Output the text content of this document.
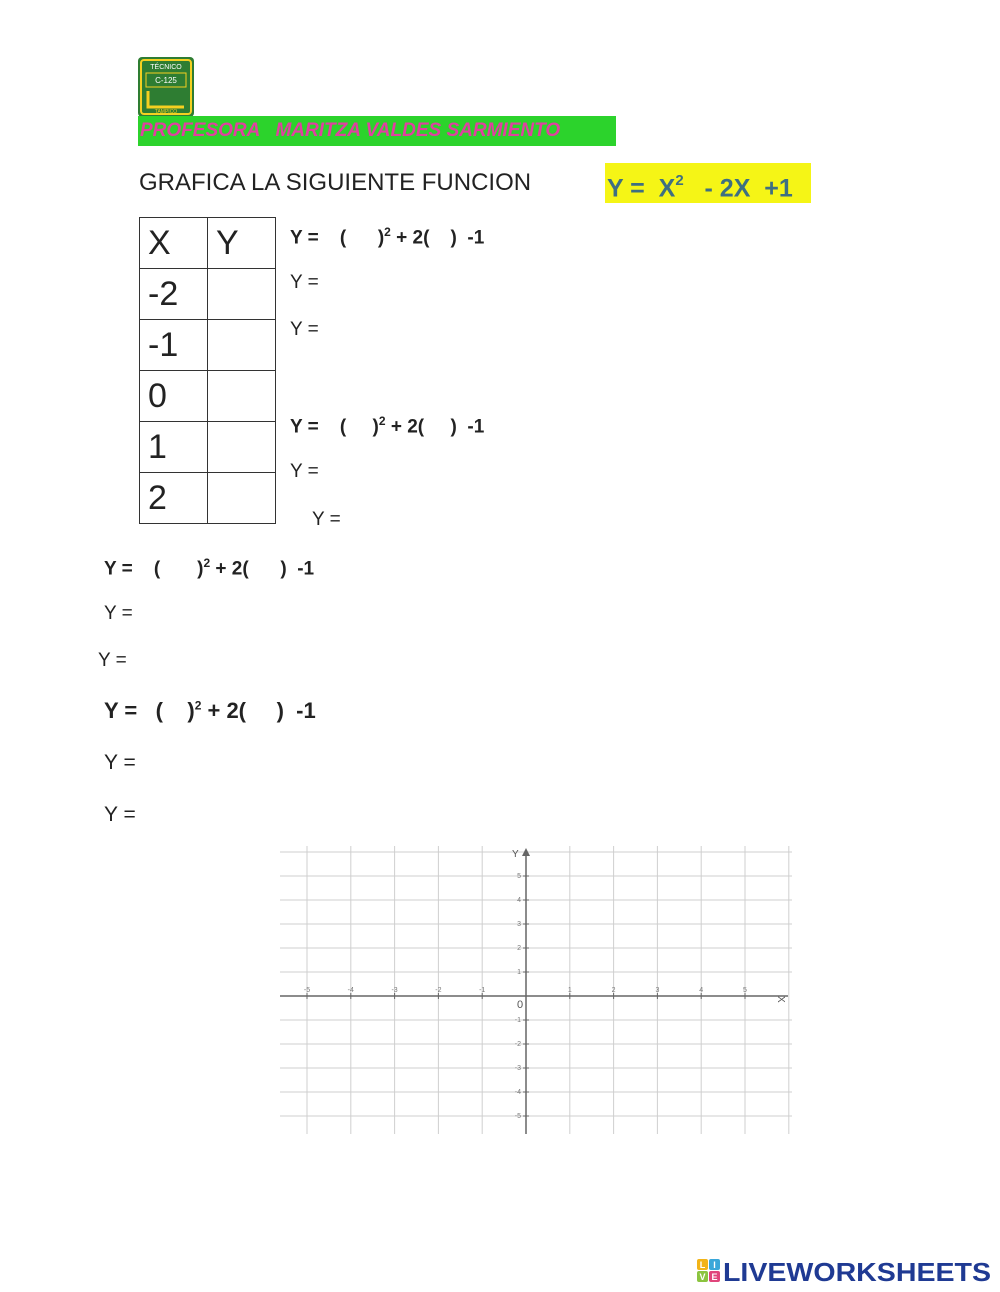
TÉCNICO
C-125
TAMPICO
PROFESORA   MARITZA VALDES SARMIENTO
GRAFICA LA SIGUIENTE FUNCION	$Y = X^2 - 2X +1$
X	Y
-2	
-1	
0	
1	
2	
Y =    (      )$^2$ + 2(    )  -1
Y =
Y =
Y =    (     )$^2$ + 2(     )  -1
Y =
Y =
Y =    (       )$^2$ + 2(      )  -1
Y =
Y =
Y =   (    )$^2$ + 2(     )  -1
Y =
Y =
-5	-4	-3	-2	-1	1	2	3	4	5
1
2
3
4
5
-1
-2
-3
-4
-5
0
Y
X
L I
V E LIVEWORKSHEETS
